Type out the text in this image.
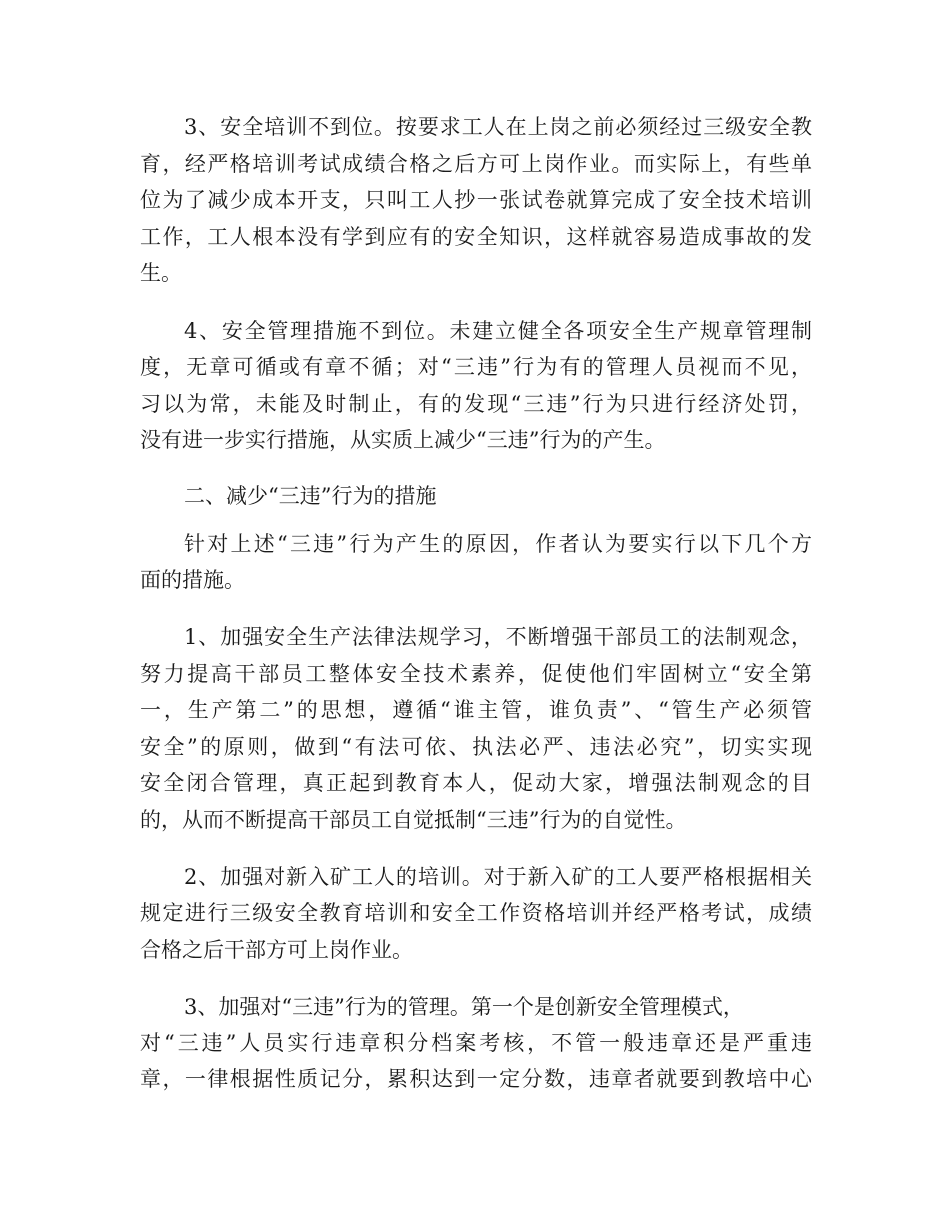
3、安全培训不到位。按要求工人在上岗之前必须经过三级安全教
育，经严格培训考试成绩合格之后方可上岗作业。而实际上，有些单
位为了减少成本开支，只叫工人抄一张试卷就算完成了安全技术培训
工作，工人根本没有学到应有的安全知识，这样就容易造成事故的发
生。
4、安全管理措施不到位。未建立健全各项安全生产规章管理制
度，无章可循或有章不循；对“三违”行为有的管理人员视而不见，
习以为常，未能及时制止，有的发现“三违”行为只进行经济处罚，
没有进一步实行措施，从实质上减少“三违”行为的产生。
二、减少“三违”行为的措施
针对上述“三违”行为产生的原因，作者认为要实行以下几个方
面的措施。
1、加强安全生产法律法规学习，不断增强干部员工的法制观念，
努力提高干部员工整体安全技术素养，促使他们牢固树立“安全第
一，生产第二”的思想，遵循“谁主管，谁负责”、“管生产必须管
安全”的原则，做到“有法可依、执法必严、违法必究”，切实实现
安全闭合管理，真正起到教育本人，促动大家，增强法制观念的目
的，从而不断提高干部员工自觉抵制“三违”行为的自觉性。
2、加强对新入矿工人的培训。对于新入矿的工人要严格根据相关
规定进行三级安全教育培训和安全工作资格培训并经严格考试，成绩
合格之后干部方可上岗作业。
3、加强对“三违”行为的管理。第一个是创新安全管理模式，
对“三违”人员实行违章积分档案考核，不管一般违章还是严重违
章，一律根据性质记分，累积达到一定分数，违章者就要到教培中心
